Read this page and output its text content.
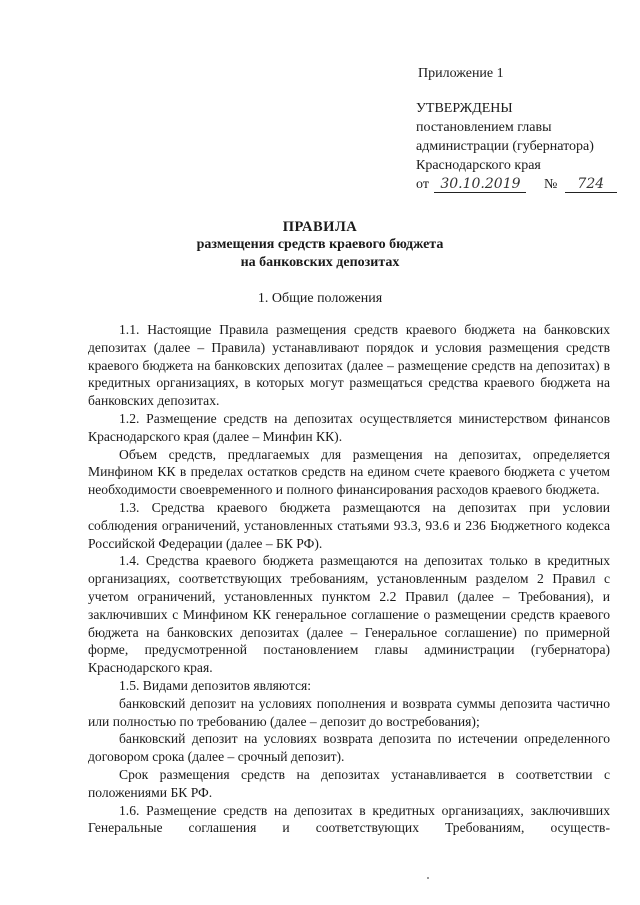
Приложение 1
УТВЕРЖДЕНЫ
постановлением главы
администрации (губернатора)
Краснодарского края
от 30.10.2019 № 724
ПРАВИЛА
размещения средств краевого бюджета
на банковских депозитах
1. Общие положения

1.1. Настоящие Правила размещения средств краевого бюджета на банковских депозитах (далее – Правила) устанавливают порядок и условия размещения средств краевого бюджета на банковских депозитах (далее – размещение средств на депозитах) в кредитных организациях, в которых могут размещаться средства краевого бюджета на банковских депозитах.

1.2. Размещение средств на депозитах осуществляется министерством финансов Краснодарского края (далее – Минфин КК).

Объем средств, предлагаемых для размещения на депозитах, определяется Минфином КК в пределах остатков средств на едином счете краевого бюджета с учетом необходимости своевременного и полного финансирования расходов краевого бюджета.

1.3. Средства краевого бюджета размещаются на депозитах при условии соблюдения ограничений, установленных статьями 93.3, 93.6 и 236 Бюджетного кодекса Российской Федерации (далее – БК РФ).

1.4. Средства краевого бюджета размещаются на депозитах только в кредитных организациях, соответствующих требованиям, установленным разделом 2 Правил с учетом ограничений, установленных пунктом 2.2 Правил (далее – Требования), и заключивших с Минфином КК генеральное соглашение о размещении средств краевого бюджета на банковских депозитах (далее – Генеральное соглашение) по примерной форме, предусмотренной постановлением главы администрации (губернатора) Краснодарского края.

1.5. Видами депозитов являются:

банковский депозит на условиях пополнения и возврата суммы депозита частично или полностью по требованию (далее – депозит до востребования);

банковский депозит на условиях возврата депозита по истечении определенного договором срока (далее – срочный депозит).

Срок размещения средств на депозитах устанавливается в соответствии с положениями БК РФ.

1.6. Размещение средств на депозитах в кредитных организациях, заключивших Генеральные соглашения и соответствующих Требованиям, осуществ-
